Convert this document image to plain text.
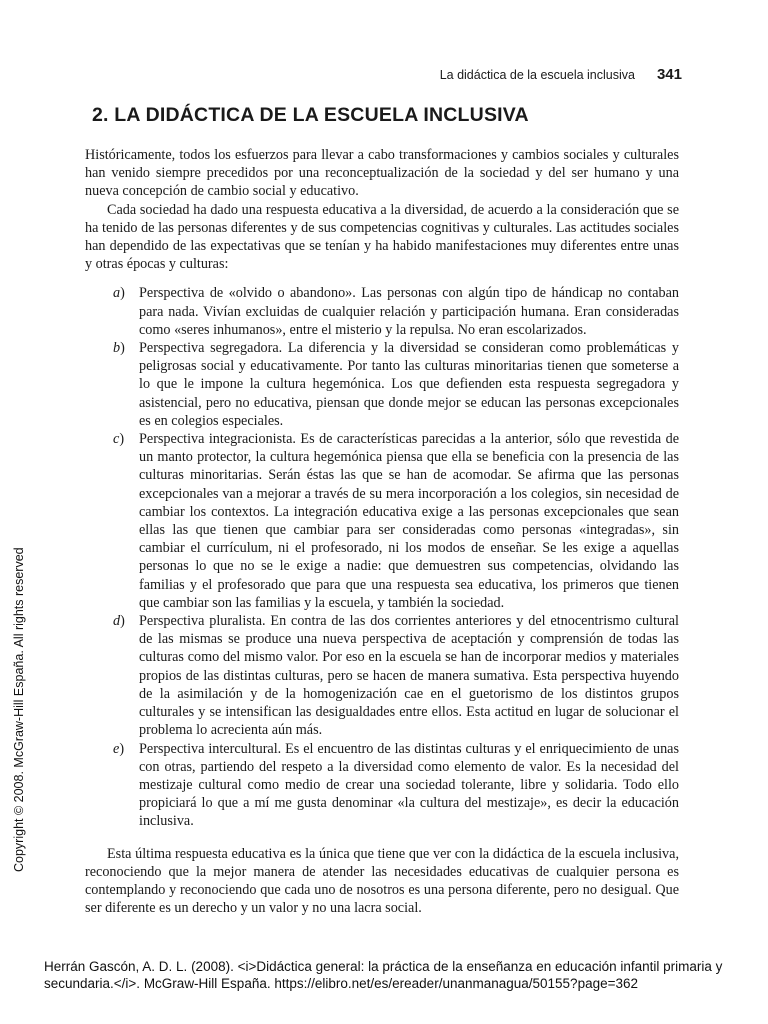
La didáctica de la escuela inclusiva 341
2. LA DIDÁCTICA DE LA ESCUELA INCLUSIVA

Históricamente, todos los esfuerzos para llevar a cabo transformaciones y cambios sociales y culturales han venido siempre precedidos por una reconceptualización de la sociedad y del ser humano y una nueva concepción de cambio social y educativo.

Cada sociedad ha dado una respuesta educativa a la diversidad, de acuerdo a la consideración que se ha tenido de las personas diferentes y de sus competencias cognitivas y culturales. Las actitudes sociales han dependido de las expectativas que se tenían y ha habido manifestaciones muy diferentes entre unas y otras épocas y culturas:

a) Perspectiva de «olvido o abandono». Las personas con algún tipo de hándicap no contaban para nada. Vivían excluidas de cualquier relación y participación humana. Eran consideradas como «seres inhumanos», entre el misterio y la repulsa. No eran escolarizados.
b) Perspectiva segregadora. La diferencia y la diversidad se consideran como problemáticas y peligrosas social y educativamente. Por tanto las culturas minoritarias tienen que someterse a lo que le impone la cultura hegemónica. Los que defienden esta respuesta segregadora y asistencial, pero no educativa, piensan que donde mejor se educan las personas excepcionales es en colegios especiales.
c) Perspectiva integracionista. Es de características parecidas a la anterior, sólo que revestida de un manto protector, la cultura hegemónica piensa que ella se beneficia con la presencia de las culturas minoritarias. Serán éstas las que se han de acomodar. Se afirma que las personas excepcionales van a mejorar a través de su mera incorporación a los colegios, sin necesidad de cambiar los contextos. La integración educativa exige a las personas excepcionales que sean ellas las que tienen que cambiar para ser consideradas como personas «integradas», sin cambiar el currículum, ni el profesorado, ni los modos de enseñar. Se les exige a aquellas personas lo que no se le exige a nadie: que demuestren sus competencias, olvidando las familias y el profesorado que para que una respuesta sea educativa, los primeros que tienen que cambiar son las familias y la escuela, y también la sociedad.
d) Perspectiva pluralista. En contra de las dos corrientes anteriores y del etnocentrismo cultural de las mismas se produce una nueva perspectiva de aceptación y comprensión de todas las culturas como del mismo valor. Por eso en la escuela se han de incorporar medios y materiales propios de las distintas culturas, pero se hacen de manera sumativa. Esta perspectiva huyendo de la asimilación y de la homogenización cae en el guetorismo de los distintos grupos culturales y se intensifican las desigualdades entre ellos. Esta actitud en lugar de solucionar el problema lo acrecienta aún más.
e) Perspectiva intercultural. Es el encuentro de las distintas culturas y el enriquecimiento de unas con otras, partiendo del respeto a la diversidad como elemento de valor. Es la necesidad del mestizaje cultural como medio de crear una sociedad tolerante, libre y solidaria. Todo ello propiciará lo que a mí me gusta denominar «la cultura del mestizaje», es decir la educación inclusiva.

Esta última respuesta educativa es la única que tiene que ver con la didáctica de la escuela inclusiva, reconociendo que la mejor manera de atender las necesidades educativas de cualquier persona es contemplando y reconociendo que cada uno de nosotros es una persona diferente, pero no desigual. Que ser diferente es un derecho y un valor y no una lacra social.

Copyright © 2008. McGraw-Hill España. All rights reserved
Herrán Gascón, A. D. L. (2008). <i>Didáctica general: la práctica de la enseñanza en educación infantil primaria y secundaria.</i>. McGraw-Hill España. https://elibro.net/es/ereader/unanmanagua/50155?page=362
